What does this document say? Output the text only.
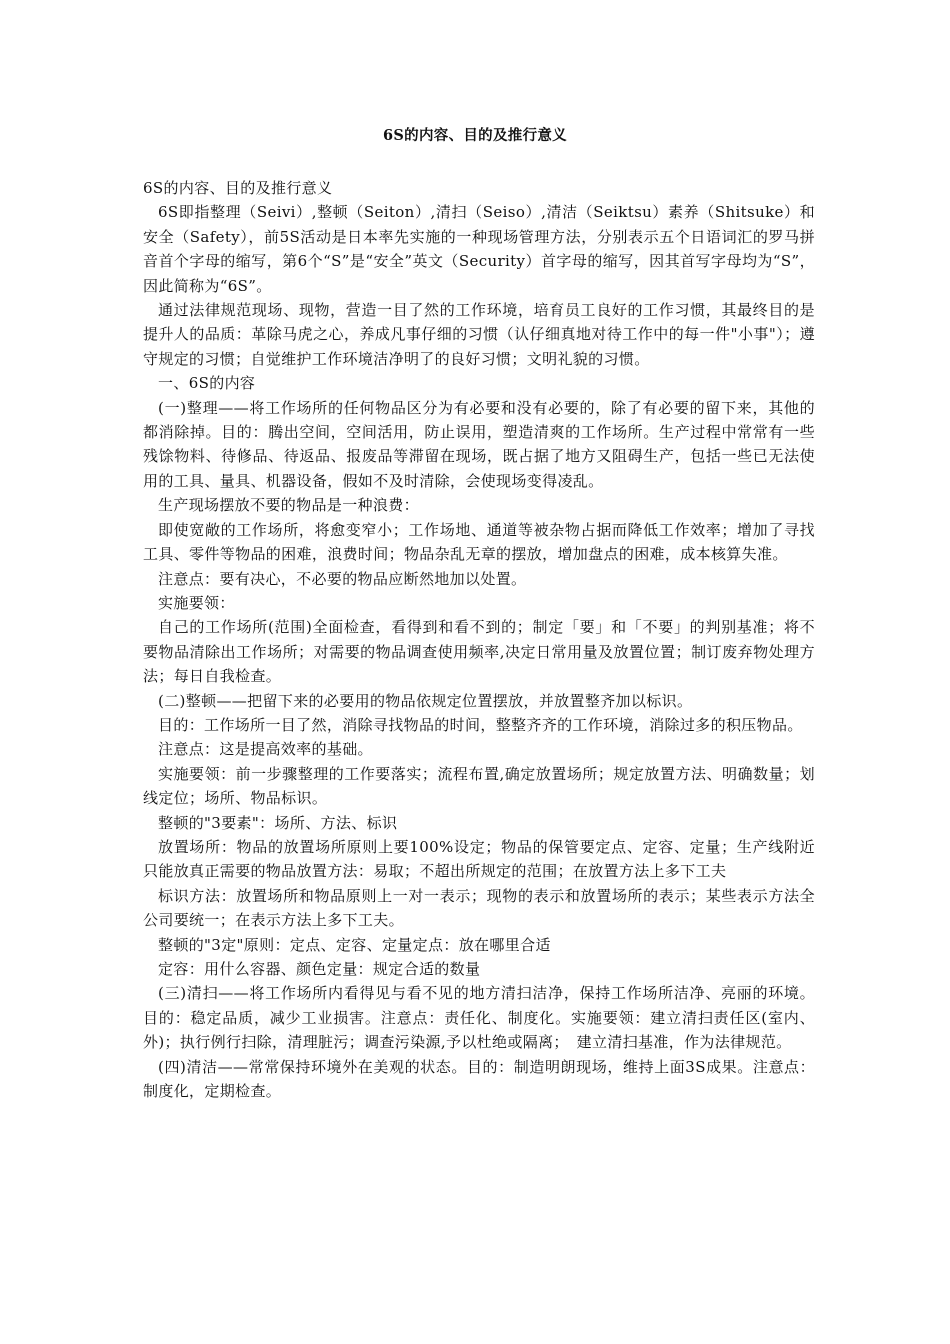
6S的内容、目的及推行意义

6S的内容、目的及推行意义

6S即指整理（Seivi）,整顿（Seiton）,清扫（Seiso）,清洁（Seiktsu）素养（Shitsuke）和安全（Safety），前5S活动是日本率先实施的一种现场管理方法，分别表示五个日语词汇的罗马拼音首个字母的缩写，第6个“S”是“安全”英文（Security）首字母的缩写，因其首写字母均为“S”，因此简称为“6S”。

通过法律规范现场、现物，营造一目了然的工作环境，培育员工良好的工作习惯，其最终目的是提升人的品质：革除马虎之心，养成凡事仔细的习惯（认仔细真地对待工作中的每一件"小事"）；遵守规定的习惯；自觉维护工作环境洁净明了的良好习惯；文明礼貌的习惯。

一、6S的内容

(一)整理——将工作场所的任何物品区分为有必要和没有必要的，除了有必要的留下来，其他的都消除掉。目的：腾出空间，空间活用，防止误用，塑造清爽的工作场所。生产过程中常常有一些残馀物料、待修品、待返品、报废品等滞留在现场，既占据了地方又阻碍生产，包括一些已无法使用的工具、量具、机器设备，假如不及时清除，会使现场变得凌乱。

生产现场摆放不要的物品是一种浪费：

即使宽敞的工作场所，将愈变窄小；工作场地、通道等被杂物占据而降低工作效率；增加了寻找工具、零件等物品的困难，浪费时间；物品杂乱无章的摆放，增加盘点的困难，成本核算失准。

注意点：要有决心，不必要的物品应断然地加以处置。

实施要领：

自己的工作场所(范围)全面检查，看得到和看不到的；制定「要」和「不要」的判别基准；将不要物品清除出工作场所；对需要的物品调查使用频率,决定日常用量及放置位置；制订废弃物处理方法；每日自我检查。

(二)整顿——把留下来的必要用的物品依规定位置摆放，并放置整齐加以标识。

目的：工作场所一目了然，消除寻找物品的时间，整整齐齐的工作环境，消除过多的积压物品。

注意点：这是提高效率的基础。

实施要领：前一步骤整理的工作要落实；流程布置,确定放置场所；规定放置方法、明确数量；划线定位；场所、物品标识。

整顿的"3要素"：场所、方法、标识

放置场所：物品的放置场所原则上要100%设定；物品的保管要定点、定容、定量；生产线附近只能放真正需要的物品放置方法：易取；不超出所规定的范围；在放置方法上多下工夫

标识方法：放置场所和物品原则上一对一表示；现物的表示和放置场所的表示；某些表示方法全公司要统一；在表示方法上多下工夫。

整顿的"3定"原则：定点、定容、定量定点：放在哪里合适

定容：用什么容器、颜色定量：规定合适的数量

(三)清扫——将工作场所内看得见与看不见的地方清扫洁净，保持工作场所洁净、亮丽的环境。目的：稳定品质，减少工业损害。注意点：责任化、制度化。实施要领：建立清扫责任区(室内、外)；执行例行扫除，清理脏污；调查污染源,予以杜绝或隔离；　建立清扫基准，作为法律规范。

(四)清洁——常常保持环境外在美观的状态。目的：制造明朗现场，维持上面3S成果。注意点：制度化，定期检查。
